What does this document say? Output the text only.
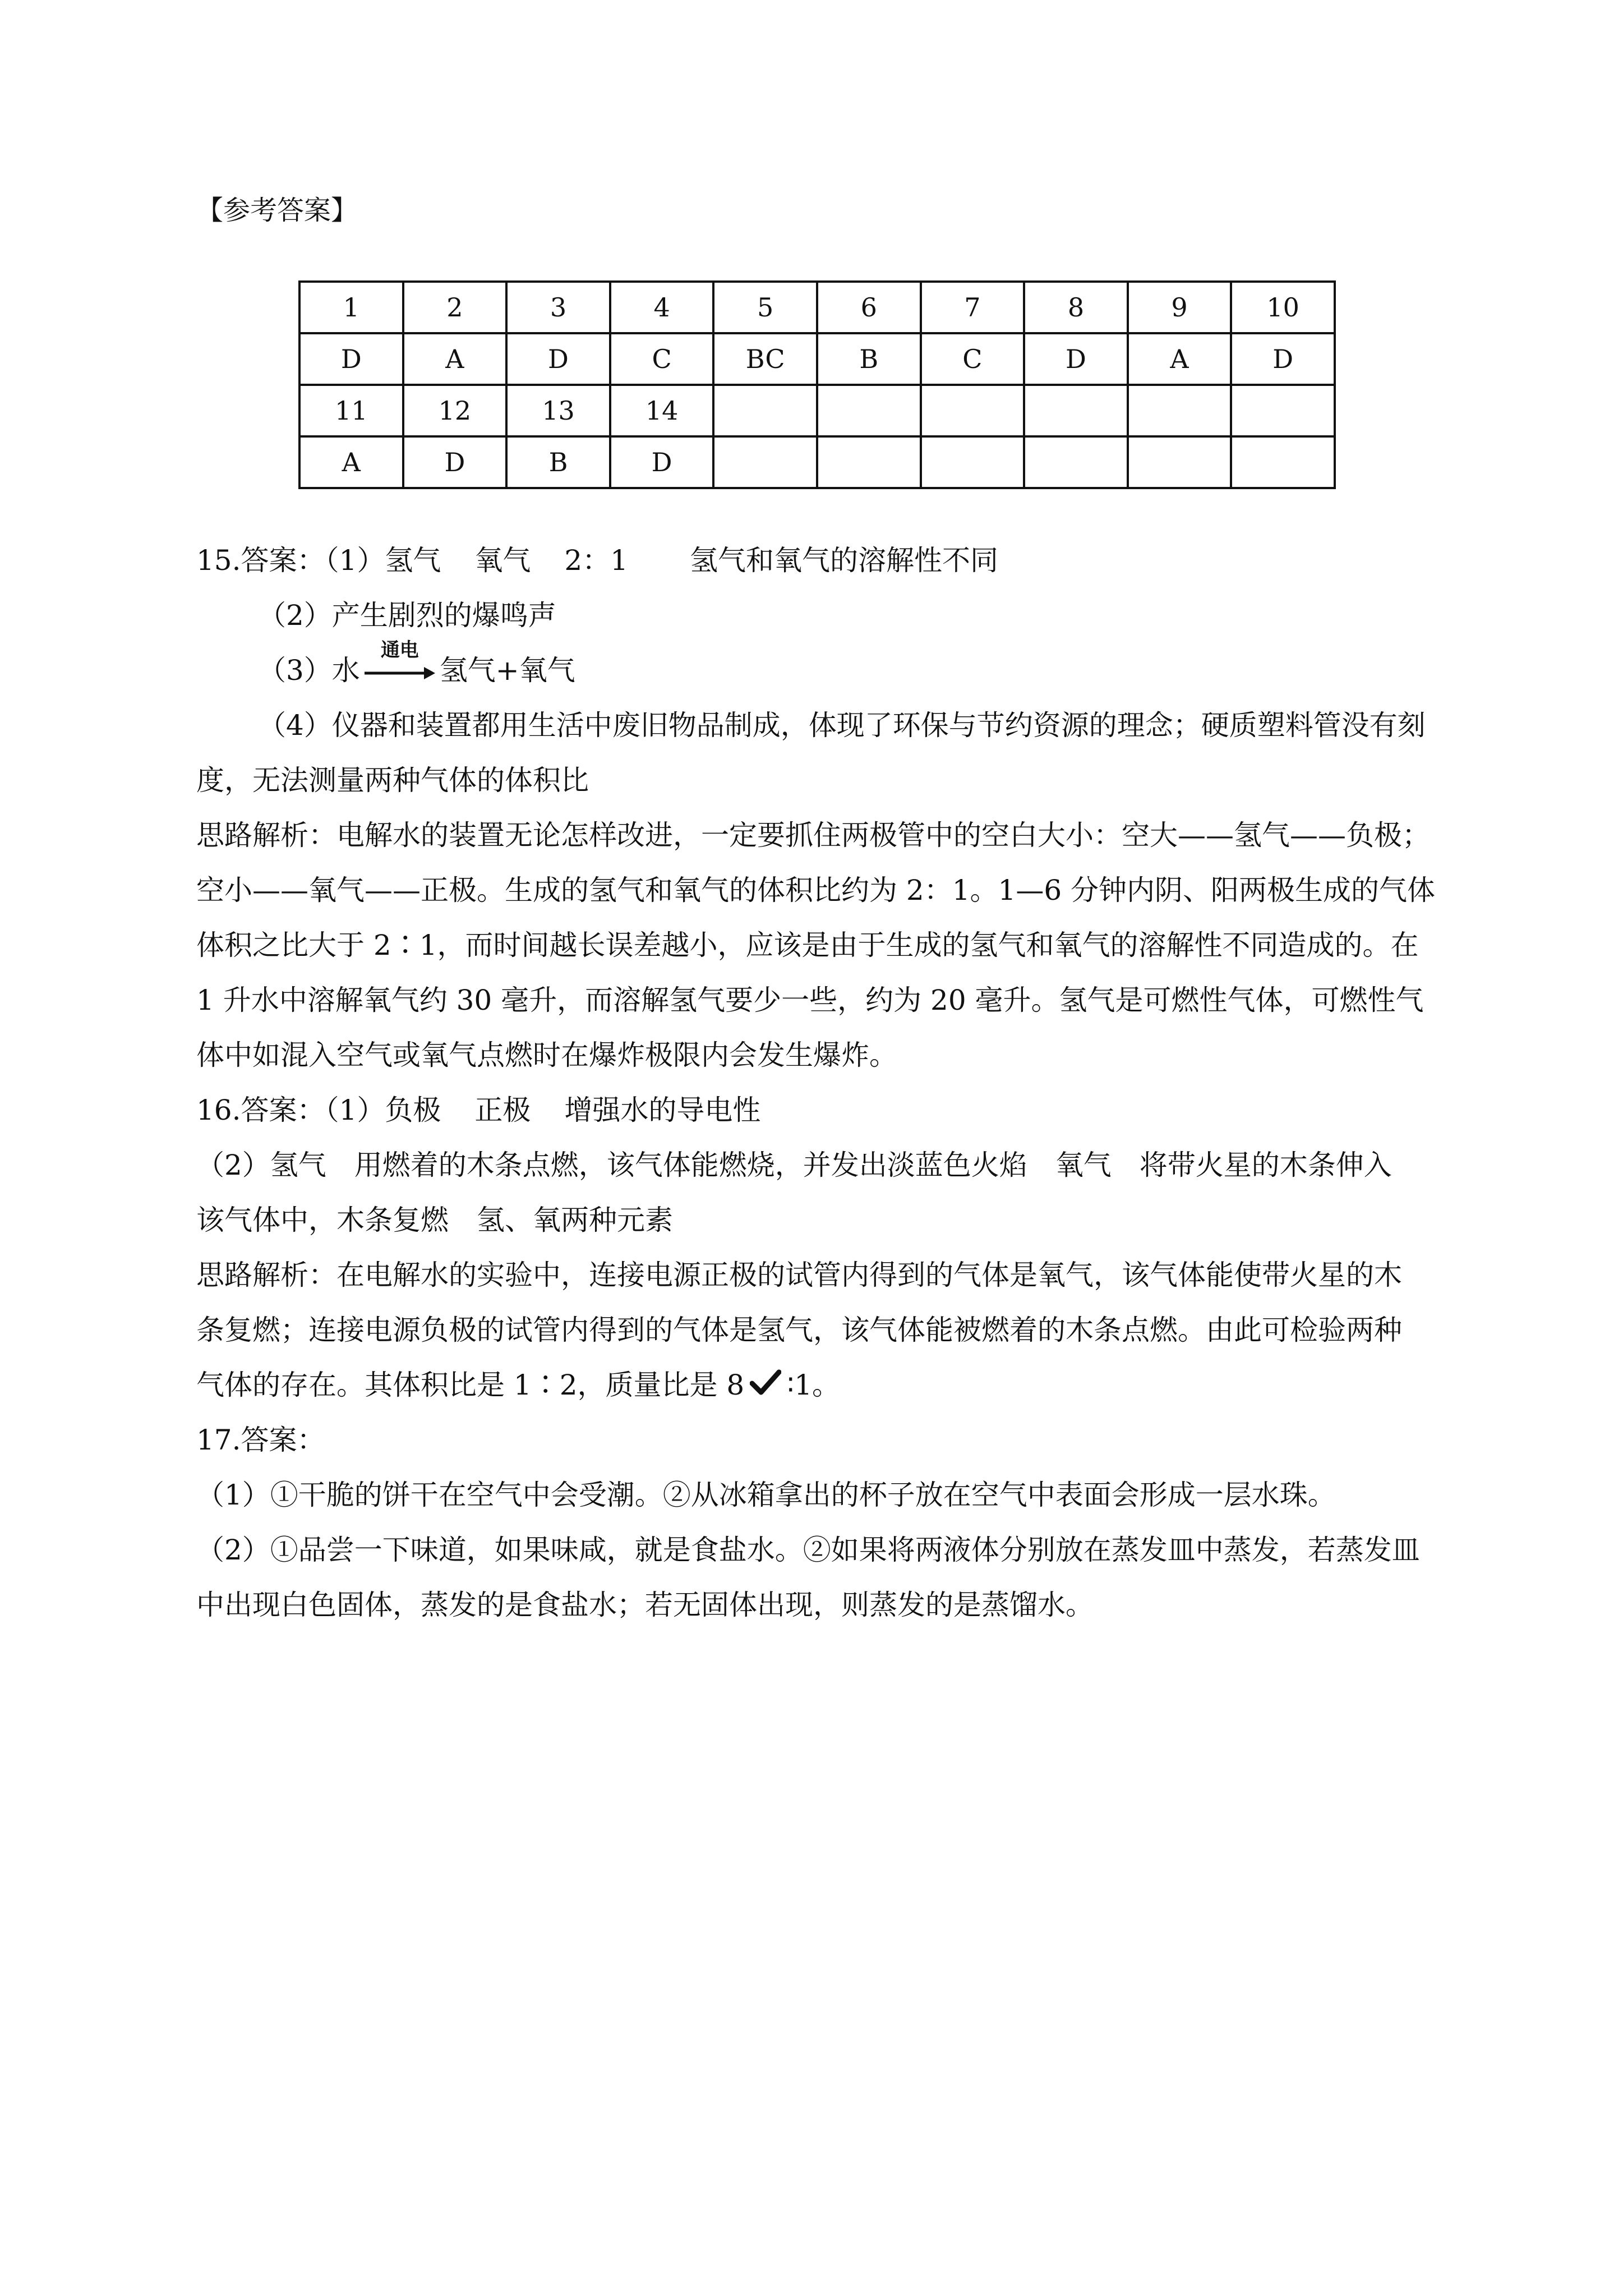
【参考答案】
1	2	3	4	5	6	7	8	9	10
D	A	D	C	BC	B	C	D	A	D
11	12	13	14						
A	D	B	D						
15.答案：（1）氢气 氧气 2：1 氢气和氧气的溶解性不同
（2）产生剧烈的爆鸣声
（3）水
通电
氢气+氧气
（4）仪器和装置都用生活中废旧物品制成，体现了环保与节约资源的理念；硬质塑料管没有刻
度，无法测量两种气体的体积比
思路解析：电解水的装置无论怎样改进，一定要抓住两极管中的空白大小：空大——氢气——负极；
空小——氧气——正极。生成的氢气和氧气的体积比约为 2：1。1—6 分钟内阴、阳两极生成的气体
体积之比大于 2∶1，而时间越长误差越小，应该是由于生成的氢气和氧气的溶解性不同造成的。在
1 升水中溶解氧气约 30 毫升，而溶解氢气要少一些，约为 20 毫升。氢气是可燃性气体，可燃性气
体中如混入空气或氧气点燃时在爆炸极限内会发生爆炸。
16.答案：（1）负极 正极 增强水的导电性
（2）氢气　用燃着的木条点燃，该气体能燃烧，并发出淡蓝色火焰　氧气　将带火星的木条伸入
该气体中，木条复燃　氢、氧两种元素
思路解析：在电解水的实验中，连接电源正极的试管内得到的气体是氧气，该气体能使带火星的木
条复燃；连接电源负极的试管内得到的气体是氢气，该气体能被燃着的木条点燃。由此可检验两种
气体的存在。其体积比是 1∶2，质量比是 8 ∶1。
17.答案：
（1）①干脆的饼干在空气中会受潮。②从冰箱拿出的杯子放在空气中表面会形成一层水珠。
（2）①品尝一下味道，如果味咸，就是食盐水。②如果将两液体分别放在蒸发皿中蒸发，若蒸发皿
中出现白色固体，蒸发的是食盐水；若无固体出现，则蒸发的是蒸馏水。
